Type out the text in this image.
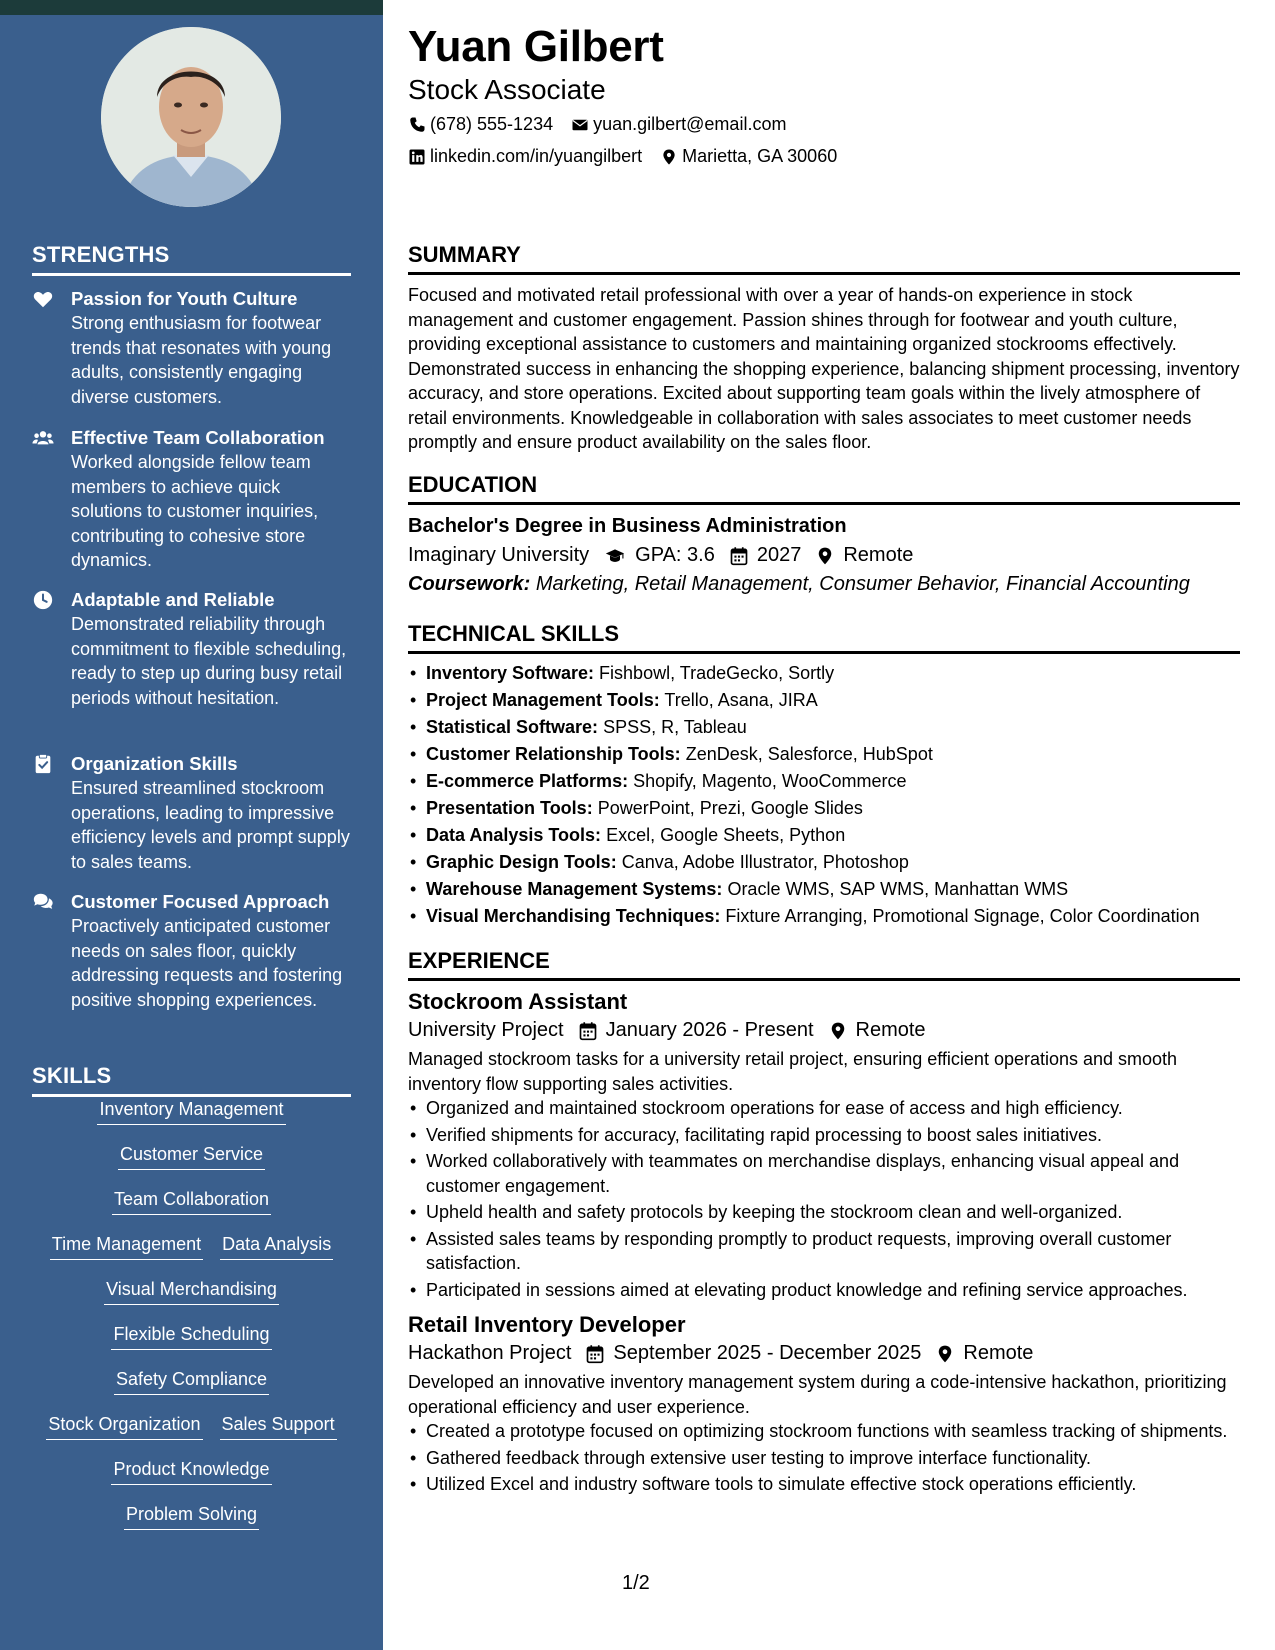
STRENGTHS
Passion for Youth Culture
Strong enthusiasm for footwear trends that resonates with young adults, consistently engaging diverse customers.
Effective Team Collaboration
Worked alongside fellow team members to achieve quick solutions to customer inquiries, contributing to cohesive store dynamics.
Adaptable and Reliable
Demonstrated reliability through commitment to flexible scheduling, ready to step up during busy retail periods without hesitation.
Organization Skills
Ensured streamlined stockroom operations, leading to impressive efficiency levels and prompt supply to sales teams.
Customer Focused Approach
Proactively anticipated customer needs on sales floor, quickly addressing requests and fostering positive shopping experiences.
SKILLS
Inventory Management
Customer Service
Team Collaboration
Time Management Data Analysis
Visual Merchandising
Flexible Scheduling
Safety Compliance
Stock Organization Sales Support
Product Knowledge
Problem Solving
Yuan Gilbert
Stock Associate
(678) 555-1234 yuan.gilbert@email.com
linkedin.com/in/yuangilbert Marietta, GA 30060
SUMMARY
Focused and motivated retail professional with over a year of hands-on experience in stock management and customer engagement. Passion shines through for footwear and youth culture, providing exceptional assistance to customers and maintaining organized stockrooms effectively. Demonstrated success in enhancing the shopping experience, balancing shipment processing, inventory accuracy, and store operations. Excited about supporting team goals within the lively atmosphere of retail environments. Knowledgeable in collaboration with sales associates to meet customer needs promptly and ensure product availability on the sales floor.
EDUCATION
Bachelor's Degree in Business Administration
Imaginary University GPA: 3.6 2027 Remote
Coursework: Marketing, Retail Management, Consumer Behavior, Financial Accounting
TECHNICAL SKILLS
• Inventory Software: Fishbowl, TradeGecko, Sortly
• Project Management Tools: Trello, Asana, JIRA
• Statistical Software: SPSS, R, Tableau
• Customer Relationship Tools: ZenDesk, Salesforce, HubSpot
• E-commerce Platforms: Shopify, Magento, WooCommerce
• Presentation Tools: PowerPoint, Prezi, Google Slides
• Data Analysis Tools: Excel, Google Sheets, Python
• Graphic Design Tools: Canva, Adobe Illustrator, Photoshop
• Warehouse Management Systems: Oracle WMS, SAP WMS, Manhattan WMS
• Visual Merchandising Techniques: Fixture Arranging, Promotional Signage, Color Coordination
EXPERIENCE
Stockroom Assistant
University Project January 2026 - Present Remote
Managed stockroom tasks for a university retail project, ensuring efficient operations and smooth inventory flow supporting sales activities.
• Organized and maintained stockroom operations for ease of access and high efficiency.
• Verified shipments for accuracy, facilitating rapid processing to boost sales initiatives.
• Worked collaboratively with teammates on merchandise displays, enhancing visual appeal and customer engagement.
• Upheld health and safety protocols by keeping the stockroom clean and well-organized.
• Assisted sales teams by responding promptly to product requests, improving overall customer satisfaction.
• Participated in sessions aimed at elevating product knowledge and refining service approaches.
Retail Inventory Developer
Hackathon Project September 2025 - December 2025 Remote
Developed an innovative inventory management system during a code-intensive hackathon, prioritizing operational efficiency and user experience.
• Created a prototype focused on optimizing stockroom functions with seamless tracking of shipments.
• Gathered feedback through extensive user testing to improve interface functionality.
• Utilized Excel and industry software tools to simulate effective stock operations efficiently.
1/2
